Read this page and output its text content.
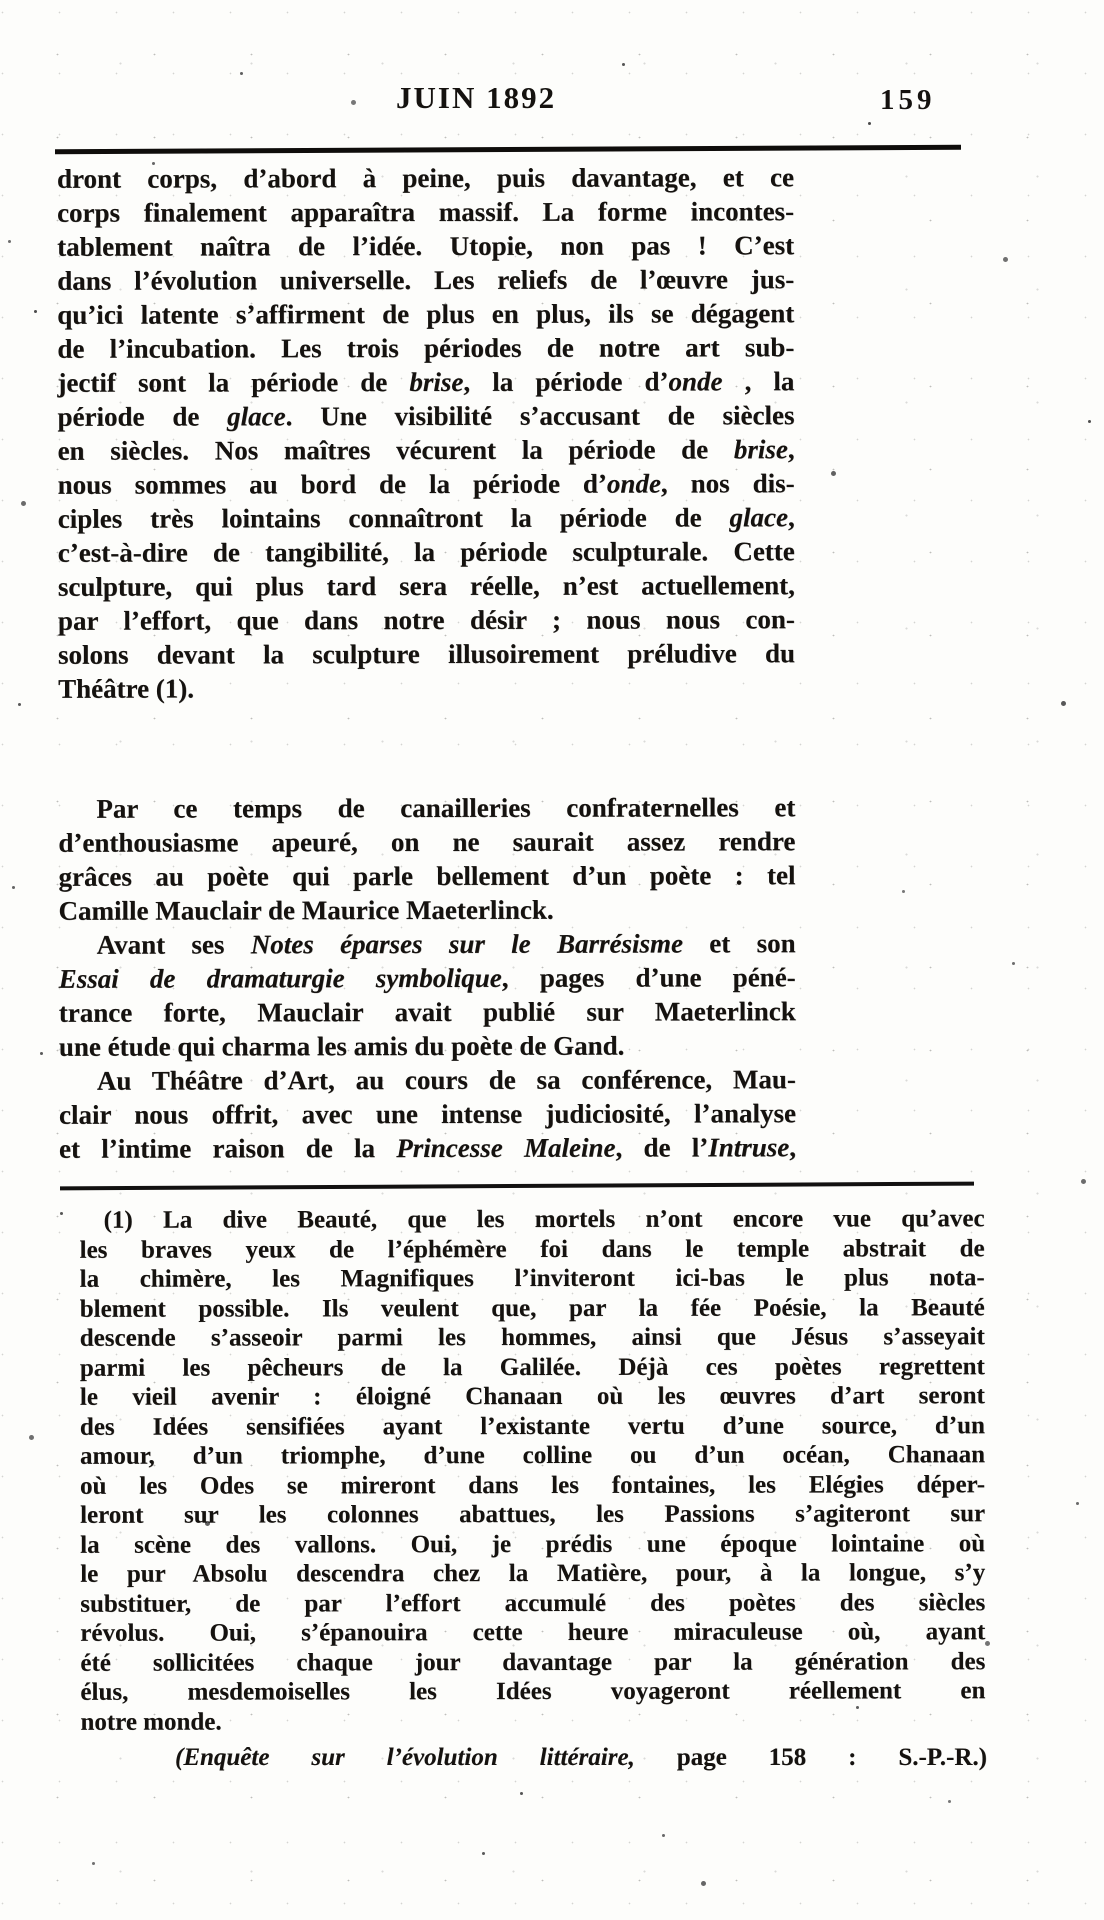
JUIN 1892	159
dront corps, d’abord à peine, puis davantage, et ce
corps finalement apparaîtra massif. La forme incontes-
tablement naîtra de l’idée. Utopie, non pas ! C’est
dans l’évolution universelle. Les reliefs de l’œuvre jus-
qu’ici latente s’affirment de plus en plus, ils se dégagent
de l’incubation. Les trois périodes de notre art sub-
jectif sont la période de brise, la période d’onde , la
période de glace. Une visibilité s’accusant de siècles
en siècles. Nos maîtres vécurent la période de brise,
nous sommes au bord de la période d’onde, nos dis-
ciples très lointains connaîtront la période de glace,
c’est-à-dire de tangibilité, la période sculpturale. Cette
sculpture, qui plus tard sera réelle, n’est actuellement,
par l’effort, que dans notre désir ; nous nous con-
solons devant la sculpture illusoirement préludive du
Théâtre (1).
Par ce temps de canailleries confraternelles et
d’enthousiasme apeuré, on ne saurait assez rendre
grâces au poète qui parle bellement d’un poète : tel
Camille Mauclair de Maurice Maeterlinck.
Avant ses Notes éparses sur le Barrésisme et son
Essai de dramaturgie symbolique, pages d’une péné-
trance forte, Mauclair avait publié sur Maeterlinck
une étude qui charma les amis du poète de Gand.
Au Théâtre d’Art, au cours de sa conférence, Mau-
clair nous offrit, avec une intense judiciosité, l’analyse
et l’intime raison de la Princesse Maleine, de l’Intruse,
(1) La dive Beauté, que les mortels n’ont encore vue qu’avec
les braves yeux de l’éphémère foi dans le temple abstrait de
la chimère, les Magnifiques l’inviteront ici-bas le plus nota-
blement possible. Ils veulent que, par la fée Poésie, la Beauté
descende s’asseoir parmi les hommes, ainsi que Jésus s’asseyait
parmi les pêcheurs de la Galilée. Déjà ces poètes regrettent
le vieil avenir : éloigné Chanaan où les œuvres d’art seront
des Idées sensifiées ayant l’existante vertu d’une source, d’un
amour, d’un triomphe, d’une colline ou d’un océan, Chanaan
où les Odes se mireront dans les fontaines, les Elégies déper-
leront sur les colonnes abattues, les Passions s’agiteront sur
la scène des vallons. Oui, je prédis une époque lointaine où
le pur Absolu descendra chez la Matière, pour, à la longue, s’y
substituer, de par l’effort accumulé des poètes des siècles
révolus. Oui, s’épanouira cette heure miraculeuse où, ayant
été sollicitées chaque jour davantage par la génération des
élus, mesdemoiselles les Idées voyageront réellement en
notre monde.
(Enquête sur l’évolution littéraire, page 158 : S.-P.-R.)
